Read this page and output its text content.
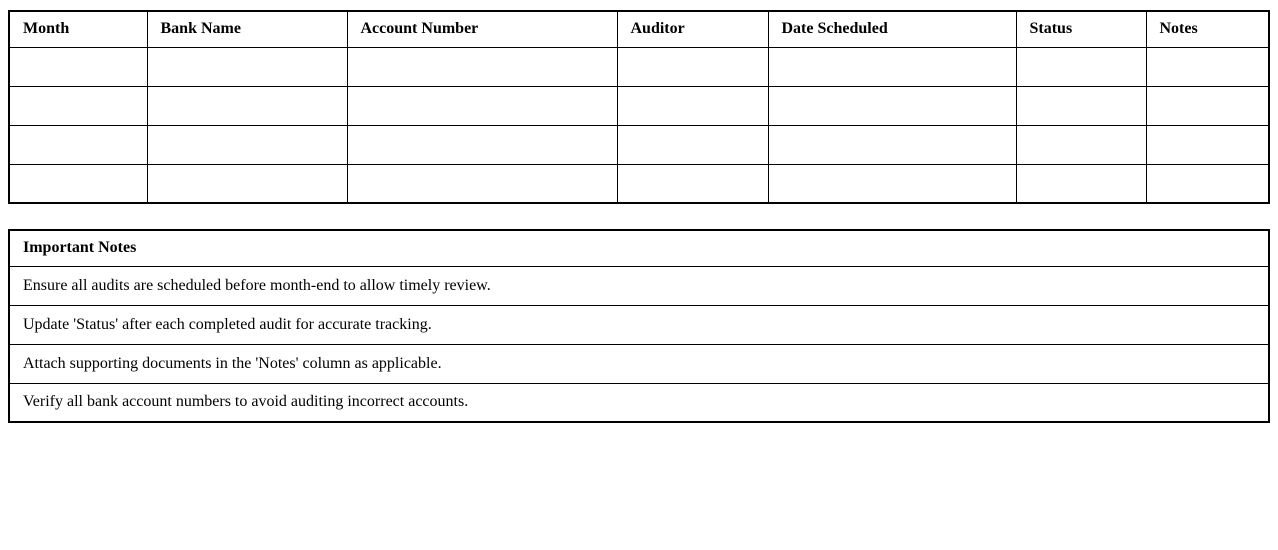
Month	Bank Name	Account Number	Auditor	Date Scheduled	Status	Notes

Important Notes
Ensure all audits are scheduled before month-end to allow timely review.
Update 'Status' after each completed audit for accurate tracking.
Attach supporting documents in the 'Notes' column as applicable.
Verify all bank account numbers to avoid auditing incorrect accounts.
